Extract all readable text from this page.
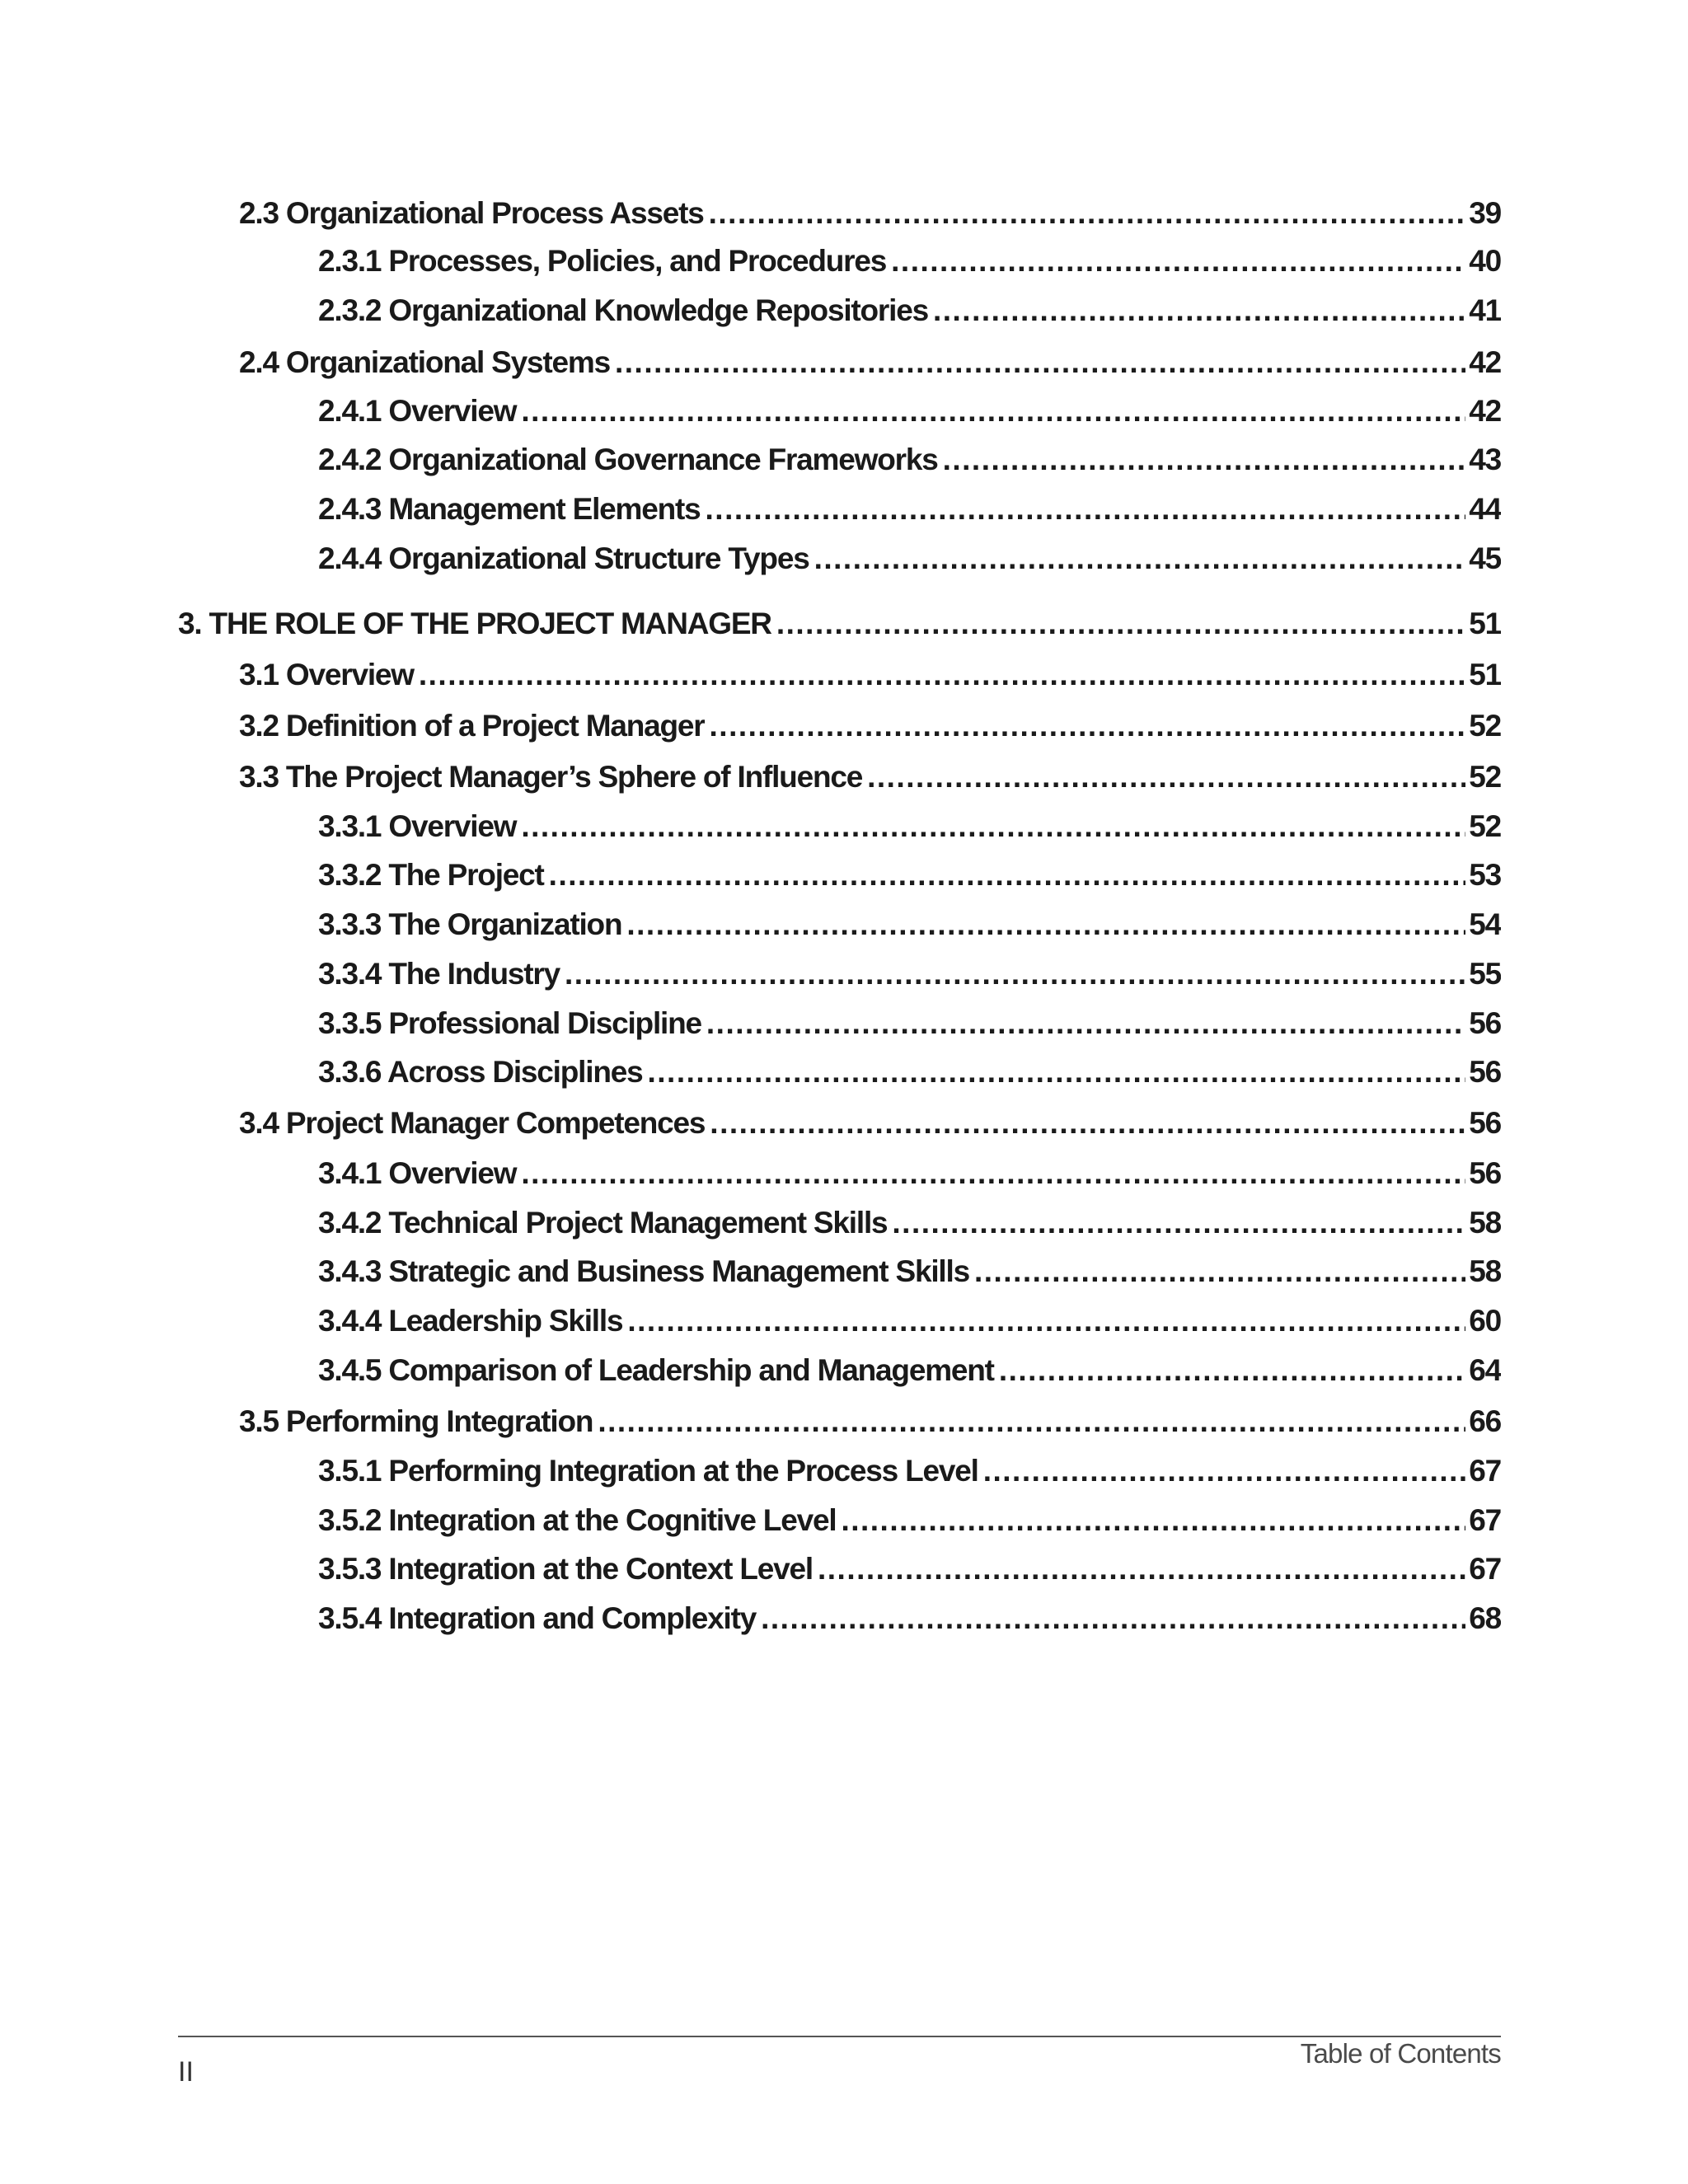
2.3 Organizational Process Assets .....	39
2.3.1 Processes, Policies, and Procedures .....	40
2.3.2 Organizational Knowledge Repositories .....	41
2.4 Organizational Systems .....	42
2.4.1 Overview .....	42
2.4.2 Organizational Governance Frameworks .....	43
2.4.3 Management Elements .....	44
2.4.4 Organizational Structure Types .....	45
3. THE ROLE OF THE PROJECT MANAGER .....	51
3.1 Overview .....	51
3.2 Definition of a Project Manager .....	52
3.3 The Project Manager’s Sphere of Influence .....	52
3.3.1 Overview .....	52
3.3.2 The Project .....	53
3.3.3 The Organization .....	54
3.3.4 The Industry .....	55
3.3.5 Professional Discipline .....	56
3.3.6 Across Disciplines .....	56
3.4 Project Manager Competences .....	56
3.4.1 Overview .....	56
3.4.2 Technical Project Management Skills .....	58
3.4.3 Strategic and Business Management Skills .....	58
3.4.4 Leadership Skills .....	60
3.4.5 Comparison of Leadership and Management .....	64
3.5 Performing Integration .....	66
3.5.1 Performing Integration at the Process Level .....	67
3.5.2 Integration at the Cognitive Level .....	67
3.5.3 Integration at the Context Level .....	67
3.5.4 Integration and Complexity .....	68
Table of Contents
II
